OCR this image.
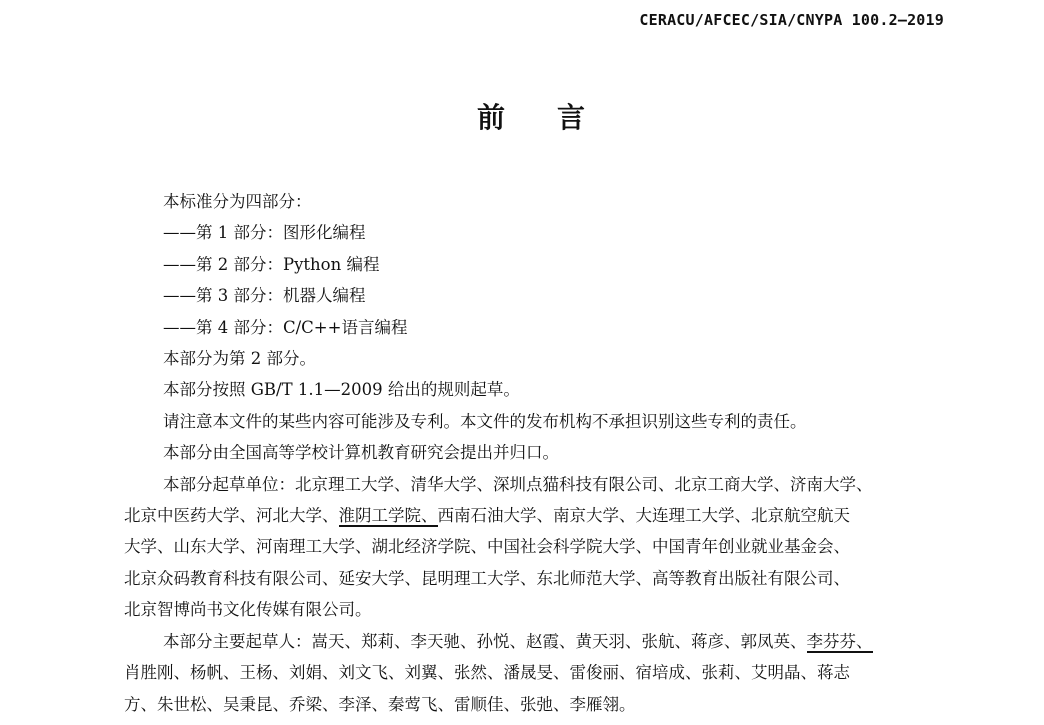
CERACU/AFCEC/SIA/CNYPA 100.2—2019
前 言

本标准分为四部分：

——第 1 部分：图形化编程

——第 2 部分：Python 编程

——第 3 部分：机器人编程

——第 4 部分：C/C++语言编程

本部分为第 2 部分。

本部分按照 GB/T 1.1—2009 给出的规则起草。

请注意本文件的某些内容可能涉及专利。本文件的发布机构不承担识别这些专利的责任。

本部分由全国高等学校计算机教育研究会提出并归口。

本部分起草单位：北京理工大学、清华大学、深圳点猫科技有限公司、北京工商大学、济南大学、

北京中医药大学、河北大学、淮阴工学院、西南石油大学、南京大学、大连理工大学、北京航空航天

大学、山东大学、河南理工大学、湖北经济学院、中国社会科学院大学、中国青年创业就业基金会、

北京众码教育科技有限公司、延安大学、昆明理工大学、东北师范大学、高等教育出版社有限公司、

北京智博尚书文化传媒有限公司。

本部分主要起草人：嵩天、郑莉、李天驰、孙悦、赵霞、黄天羽、张航、蒋彦、郭凤英、李芬芬、

肖胜刚、杨帆、王杨、刘娟、刘文飞、刘翼、张然、潘晟旻、雷俊丽、宿培成、张莉、艾明晶、蒋志

方、朱世松、吴秉昆、乔梁、李泽、秦莺飞、雷顺佳、张弛、李雁翎。
